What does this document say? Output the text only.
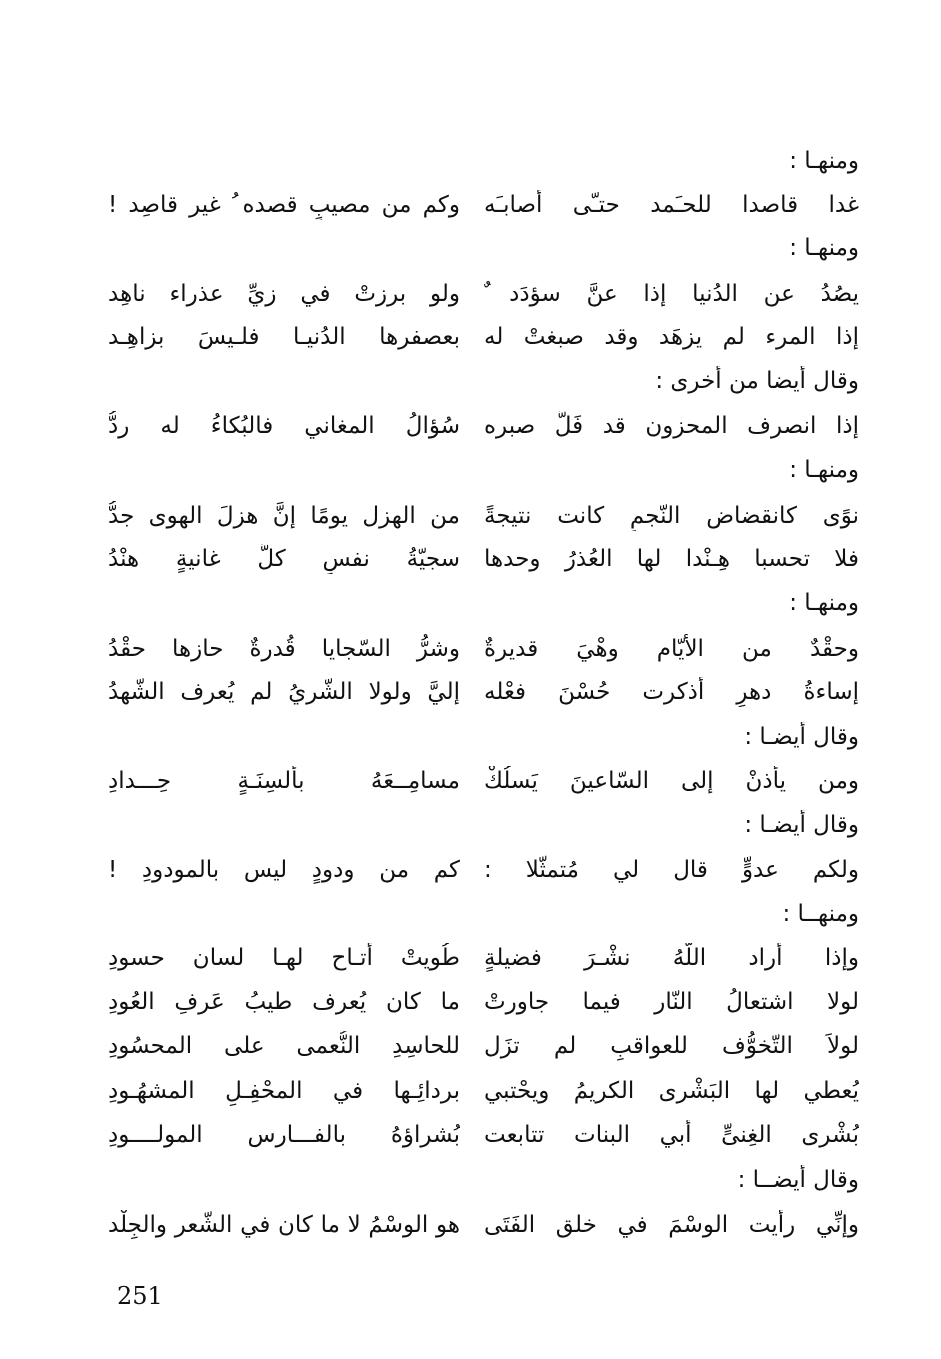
ومنهـا :
غدا قاصدا للحـَمد حتـّى أصابـَه
وكم من مصيبٍ قصده ُ غير قاصِد !
ومنهـا :
يصُدُ عن الدُنيا إذا عنَّ سؤدَد ٌ
ولو برزتْ في زيِّ عذراء ناهِد
إذا المرء لم يزهَد وقد صبغتْ له
بعصفرها الدُنيـا فلـيسَ بزاهِـد
وقال أيضا من أخرى :
إذا انصرف المحزون قد فَلَّ صبره
سُؤالُ المغاني فالبُكاءُ له ردُّ
ومنهـا :
نوًى كانقضاضِ النّجمِ كانت نتيجةً
من الهزل يومًا إنَّ هزلَ الهوى جدُّ
فلا تحسبا هِـنْدا لها العُذرُ وحدها
سجيّةُ نفسٍ كلُّ غانيةٍ هنْدُ
ومنهـا :
وحقْدٌ من الأيّام وهْيَ قديرةٌ
وشرُّ السّجايا قُدرةٌ حازها حقْدُ
إساءةُ دهرٍ أذكرت حُسْنَ فعْله
إليَّ ولولا الشّريُ لم يُعرف الشّهدُ
وقال أيضـا :
ومن يأذنْ إلى السّاعينَ يَسلُكْ
مسامِــعَهُ بألسِنَـةٍ حِـــدادِ
وقال أيضـا :
ولكم عدوٍّ قال لي مُتمثّلا :
كم من ودودٍ ليس بالمودودِ !
ومنهــا :
وإذا أراد اللّهُ نشْـرَ فضيلةٍ
طُويتْ أتـاح لهـا لسان حسودِ
لولا اشتعالُ النّار فيما جاورتْ
ما كان يُعرف طيبُ عَرفِ العُودِ
لولاَ التّخوُّف للعواقبِ لم تزَل
للحاسِدِ النُّعمى على المحسُودِ
يُعطي لها البَشْرى الكريمُ ويحْتبي
بردائِـها في المحْفِـلِ المشهُـودِ
بُشْرى الغِنىٍّ أبي البنات تتابعت
بُشراؤهُ بالفـــارس المولــــودِ
وقال أيضــا :
وإنِّي رأيت الوسْمَ في خلق الفَتَى
هو الوسْمُ لا ما كان في الشّعر والجِلْد
251
